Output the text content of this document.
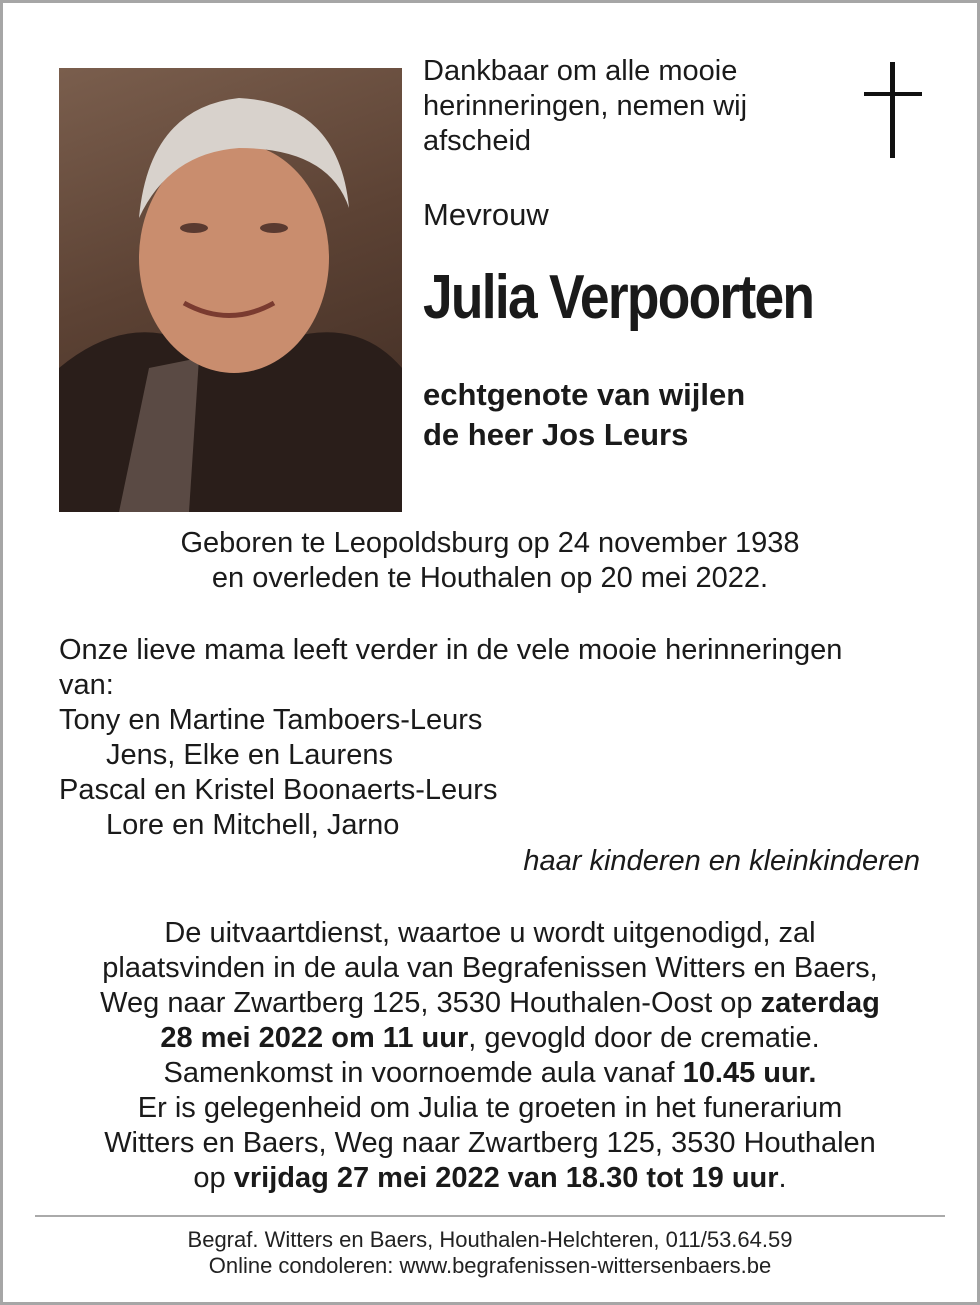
Dankbaar om alle mooie
herinneringen, nemen wij
afscheid
Mevrouw
Julia Verpoorten
echtgenote van wijlen
de heer Jos Leurs
Geboren te Leopoldsburg op 24 november 1938
en overleden te Houthalen op 20 mei 2022.
Onze lieve mama leeft verder in de vele mooie herinneringen
van:
Tony en Martine Tamboers-Leurs
Jens, Elke en Laurens
Pascal en Kristel Boonaerts-Leurs
Lore en Mitchell, Jarno
haar kinderen en kleinkinderen
De uitvaartdienst, waartoe u wordt uitgenodigd, zal
plaatsvinden in de aula van Begrafenissen Witters en Baers,
Weg naar Zwartberg 125, 3530 Houthalen-Oost op zaterdag
28 mei 2022 om 11 uur, gevogld door de crematie.
Samenkomst in voornoemde aula vanaf 10.45 uur.
Er is gelegenheid om Julia te groeten in het funerarium
Witters en Baers, Weg naar Zwartberg 125, 3530 Houthalen
op vrijdag 27 mei 2022 van 18.30 tot 19 uur.
Begraf. Witters en Baers, Houthalen-Helchteren, 011/53.64.59
Online condoleren: www.begrafenissen-wittersenbaers.be
